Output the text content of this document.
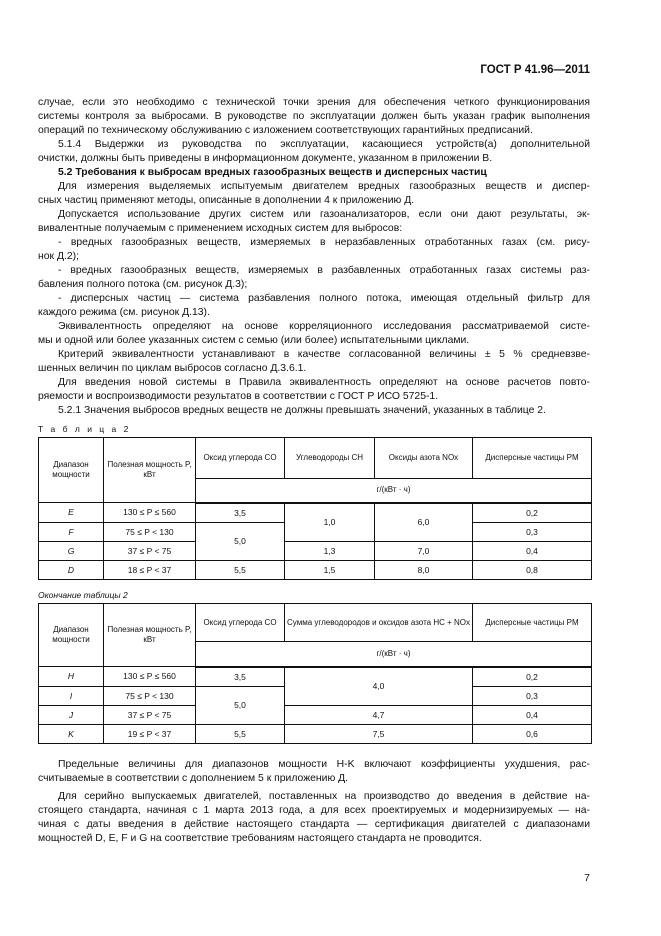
ГОСТ Р 41.96—2011
случае, если это необходимо с технической точки зрения для обеспечения четкого функционирования
системы контроля за выбросами. В руководстве по эксплуатации должен быть указан график выполнения
операций по техническому обслуживанию с изложением соответствующих гарантийных предписаний.
5.1.4 Выдержки из руководства по эксплуатации, касающиеся устройств(а) дополнительной
очистки, должны быть приведены в информационном документе, указанном в приложении В.
5.2 Требования к выбросам вредных газообразных веществ и дисперсных частиц
Для измерения выделяемых испытуемым двигателем вредных газообразных веществ и диспер-
сных частиц применяют методы, описанные в дополнении 4 к приложению Д.
Допускается использование других систем или газоанализаторов, если они дают результаты, эк-
вивалентные получаемым с применением исходных систем для выбросов:
- вредных газообразных веществ, измеряемых в неразбавленных отработанных газах (см. рису-
нок Д.2);
- вредных газообразных веществ, измеряемых в разбавленных отработанных газах системы раз-
бавления полного потока (см. рисунок Д.3);
- дисперсных частиц — система разбавления полного потока, имеющая отдельный фильтр для
каждого режима (см. рисунок Д.13).
Эквивалентность определяют на основе корреляционного исследования рассматриваемой систе-
мы и одной или более указанных систем с семью (или более) испытательными циклами.
Критерий эквивалентности устанавливают в качестве согласованной величины ± 5 % средневзве-
шенных величин по циклам выбросов согласно Д.3.6.1.
Для введения новой системы в Правила эквивалентность определяют на основе расчетов повто-
ряемости и воспроизводимости результатов в соответствии с ГОСТ Р ИСО 5725-1.
5.2.1 Значения выбросов вредных веществ не должны превышать значений, указанных в таблице 2.
Т а б л и ц а 2
Диапазон мощности	Полезная мощность P, кВт	Оксид углерода CO	Углеводороды CH	Оксиды азота NOx	Дисперсные частицы PM
		г/(кВт · ч)			
E	130 ≤ P ≤ 560	3,5	1,0	6,0	0,2
F	75 ≤ P < 130	5,0			0,3
G	37 ≤ P < 75		1,3	7,0	0,4
D	18 ≤ P < 37	5,5	1,5	8,0	0,8
Окончание таблицы 2
Диапазон мощности	Полезная мощность P, кВт	Оксид углерода CO	Сумма углеводородов и оксидов азота HC + NOx	Дисперсные частицы PM
		г/(кВт · ч)		
H	130 ≤ P ≤ 560	3,5	4,0	0,2
I	75 ≤ P < 130	5,0		0,3
J	37 ≤ P < 75		4,7	0,4
K	19 ≤ P < 37	5,5	7,5	0,6
Предельные величины для диапазонов мощности H-K включают коэффициенты ухудшения, рас-
считываемые в соответствии с дополнением 5 к приложению Д.
Для серийно выпускаемых двигателей, поставленных на производство до введения в действие на-
стоящего стандарта, начиная с 1 марта 2013 года, а для всех проектируемых и модернизируемых — на-
чиная с даты введения в действие настоящего стандарта — сертификация двигателей с диапазонами
мощностей D, E, F и G на соответствие требованиям настоящего стандарта не проводится.
7
